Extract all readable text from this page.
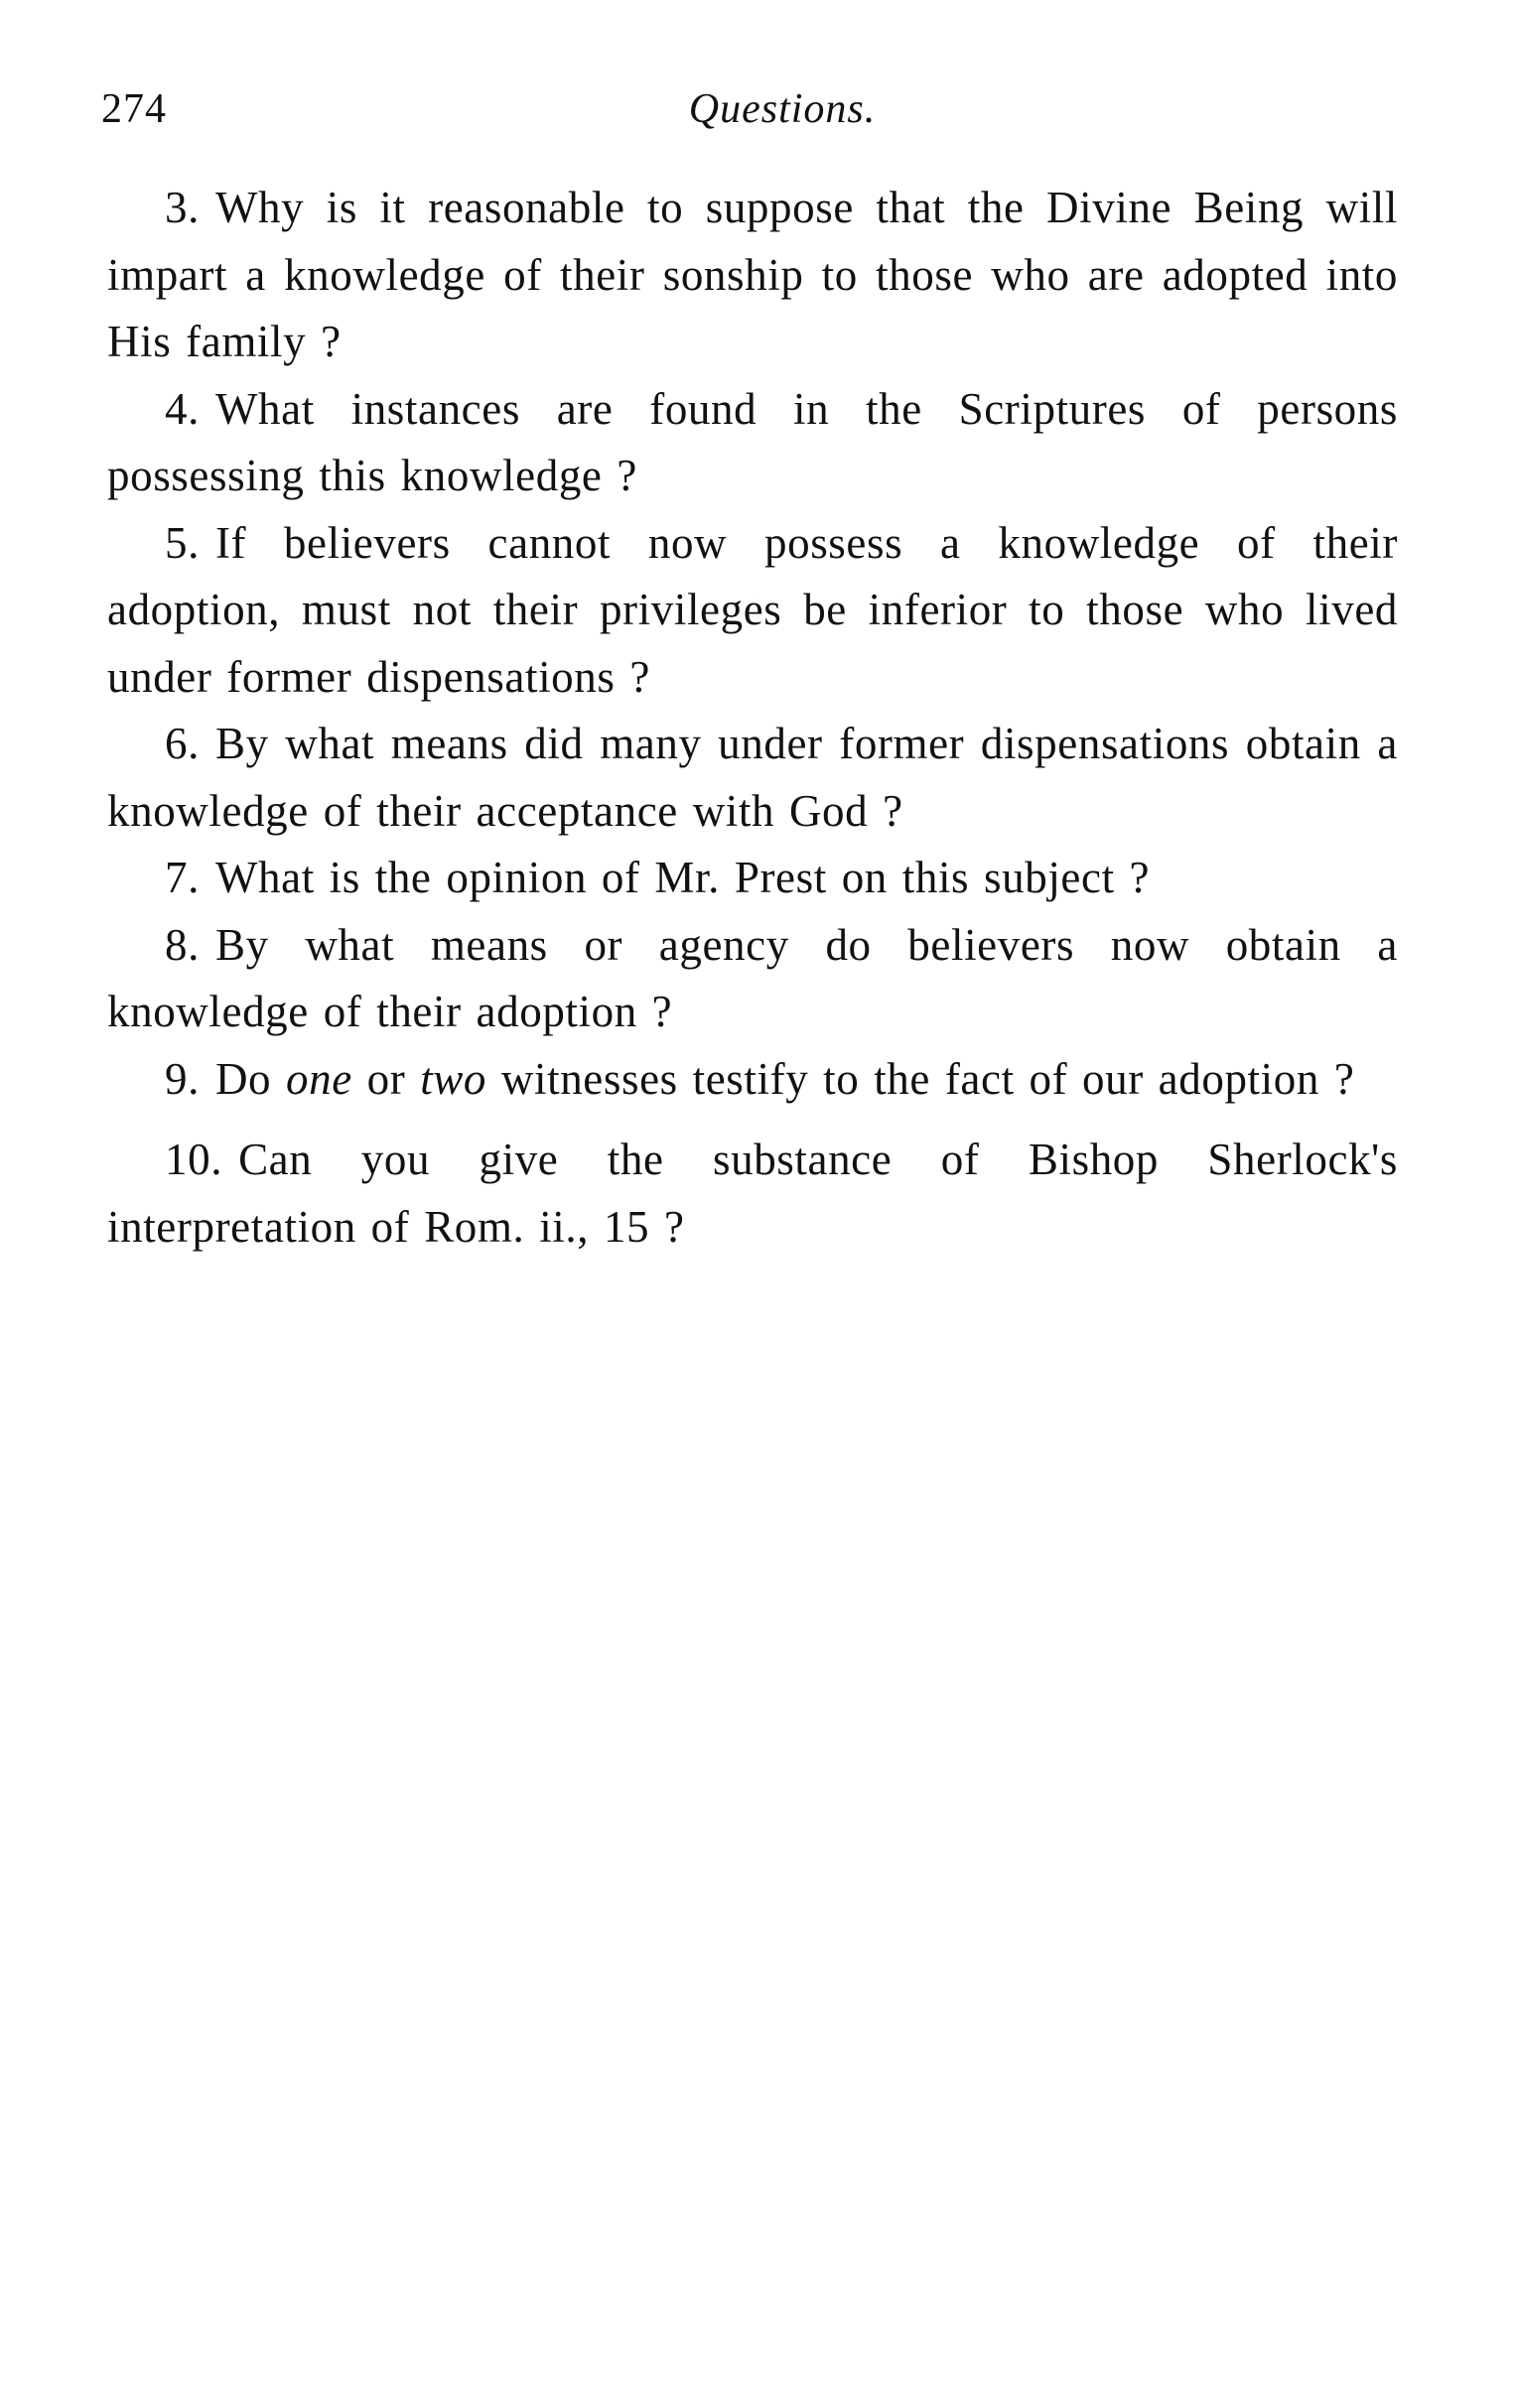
274	Questions.
3. Why is it reasonable to suppose that the Divine Being will impart a knowledge of their sonship to those who are adopted into His family ?
4. What instances are found in the Scriptures of persons possessing this knowledge ?
5. If believers cannot now possess a knowledge of their adoption, must not their privileges be inferior to those who lived under former dispensations ?
6. By what means did many under former dispensations obtain a knowledge of their acceptance with God ?
7. What is the opinion of Mr. Prest on this subject ?
8. By what means or agency do believers now obtain a knowledge of their adoption ?
9. Do one or two witnesses testify to the fact of our adoption ?
10. Can you give the substance of Bishop Sherlock's interpretation of Rom. ii., 15 ?
